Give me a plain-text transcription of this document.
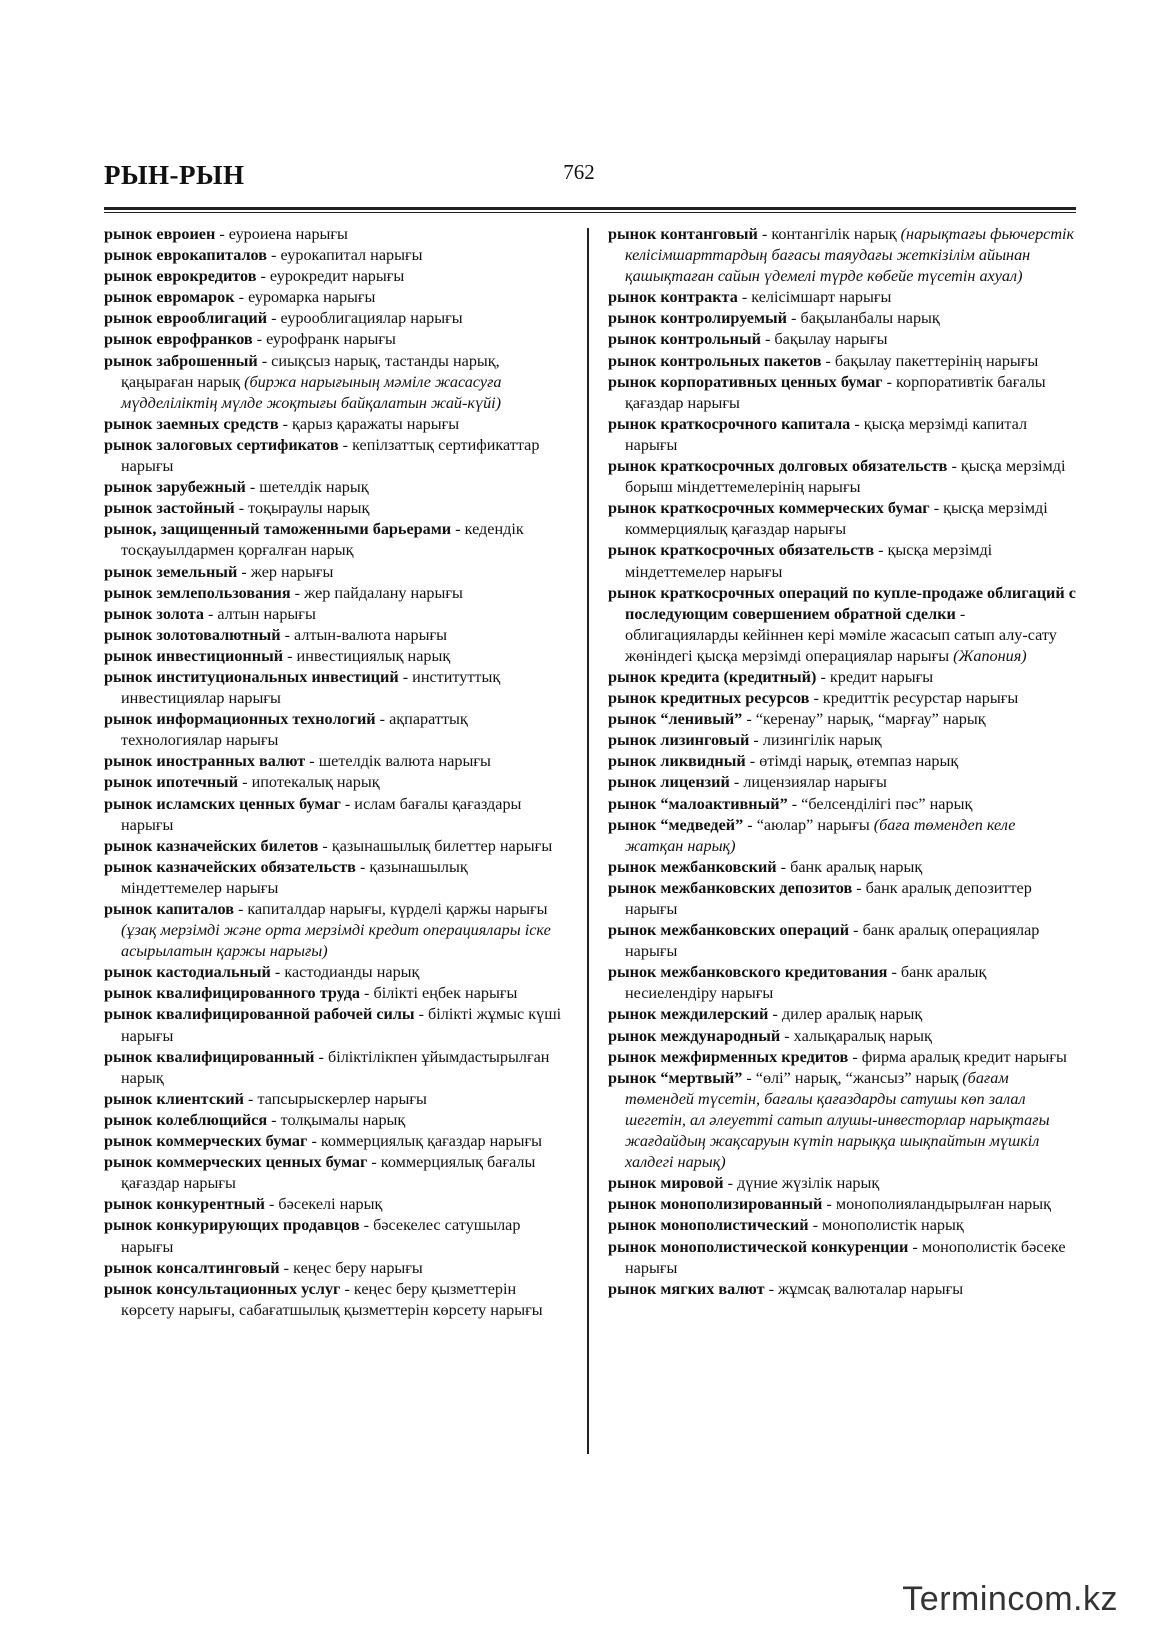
РЫН-РЫН	762

рынок евроиен - еуроиена нарығы

рынок еврокапиталов - еурокапитал нарығы

рынок еврокредитов - еурокредит нарығы

рынок евромарок - еуромарка нарығы

рынок еврооблигаций - еурооблигациялар нарығы

рынок еврофранков - еурофранк нарығы

рынок заброшенный - сиықсыз нарық, тастанды нарық, қаңыраған нарық (биржа нарығының мәміле жасасуға мүдделіліктің мүлде жоқтығы байқалатын жай-күйі)

рынок заемных средств - қарыз қаражаты нарығы

рынок залоговых сертификатов - кепілзаттық сертификаттар нарығы

рынок зарубежный - шетелдік нарық

рынок застойный - тоқыраулы нарық

рынок, защищенный таможенными барьерами - кедендік тосқауылдармен қорғалған нарық

рынок земельный - жер нарығы

рынок землепользования - жер пайдалану нарығы

рынок золота - алтын нарығы

рынок золотовалютный - алтын-валюта нарығы

рынок инвестиционный - инвестициялық нарық

рынок институциональных инвестиций - институттық инвестициялар нарығы

рынок информационных технологий - ақпараттық технологиялар нарығы

рынок иностранных валют - шетелдік валюта нарығы

рынок ипотечный - ипотекалық нарық

рынок исламских ценных бумаг - ислам бағалы қағаздары нарығы

рынок казначейских билетов - қазынашылық билеттер нарығы

рынок казначейских обязательств - қазынашылық міндеттемелер нарығы

рынок капиталов - капиталдар нарығы, күрделі қаржы нарығы (ұзақ мерзімді және орта мерзімді кредит операциялары іске асырылатын қаржы нарығы)

рынок кастодиальный - кастодианды нарық

рынок квалифицированного труда - білікті еңбек нарығы

рынок квалифицированной рабочей силы - білікті жұмыс күші нарығы

рынок квалифицированный - біліктілікпен ұйымдастырылған нарық

рынок клиентский - тапсырыскерлер нарығы

рынок колеблющийся - толқымалы нарық

рынок коммерческих бумаг - коммерциялық қағаздар нарығы

рынок коммерческих ценных бумаг - коммерциялық бағалы қағаздар нарығы

рынок конкурентный - бәсекелі нарық

рынок конкурирующих продавцов - бәсекелес сатушылар нарығы

рынок консалтинговый - кеңес беру нарығы

рынок консультационных услуг - кеңес беру қызметтерін көрсету нарығы, сабағатшылық қызметтерін көрсету нарығы

рынок контанговый - контангілік нарық (нарықтағы фьючерстік келісімшарттардың бағасы таяудағы жеткізілім айынан қашықтаған сайын үдемелі түрде көбейе түсетін ахуал)

рынок контракта - келісімшарт нарығы

рынок контролируемый - бақыланбалы нарық

рынок контрольный - бақылау нарығы

рынок контрольных пакетов - бақылау пакеттерінің нарығы

рынок корпоративных ценных бумаг - корпоративтік бағалы қағаздар нарығы

рынок краткосрочного капитала - қысқа мерзімді капитал нарығы

рынок краткосрочных долговых обязательств - қысқа мерзімді борыш міндеттемелерінің нарығы

рынок краткосрочных коммерческих бумаг - қысқа мерзімді коммерциялық қағаздар нарығы

рынок краткосрочных обязательств - қысқа мерзімді міндеттемелер нарығы

рынок краткосрочных операций по купле-продаже облигаций с последующим совершением обратной сделки - облигацияларды кейіннен кері мәміле жасасып сатып алу-сату жөніндегі қысқа мерзімді операциялар нарығы (Жапония)

рынок кредита (кредитный) - кредит нарығы

рынок кредитных ресурсов - кредиттік ресурстар нарығы

рынок “ленивый” - “керенау” нарық, “марғау” нарық

рынок лизинговый - лизингілік нарық

рынок ликвидный - өтімді нарық, өтемпаз нарық

рынок лицензий - лицензиялар нарығы

рынок “малоактивный” - “белсенділігі пәс” нарық

рынок “медведей” - “аюлар” нарығы (баға төмендеп келе жатқан нарық)

рынок межбанковский - банк аралық нарық

рынок межбанковских депозитов - банк аралық депозиттер нарығы

рынок межбанковских операций - банк аралық операциялар нарығы

рынок межбанковского кредитования - банк аралық несиелендіру нарығы

рынок междилерский - дилер аралық нарық

рынок международный - халықаралық нарық

рынок межфирменных кредитов - фирма аралық кредит нарығы

рынок “мертвый” - “өлі” нарық, “жансыз” нарық (бағам төмендей түсетін, бағалы қағаздарды сатушы көп залал шегетін, ал әлеуетті сатып алушы-инвесторлар нарықтағы жағдайдың жақсаруын күтіп нарыққа шықпайтын мүшкіл халдегі нарық)

рынок мировой - дүние жүзілік нарық

рынок монополизированный - монополияландырылған нарық

рынок монополистический - монополистік нарық

рынок монополистической конкуренции - монополистік бәсеке нарығы

рынок мягких валют - жұмсақ валюталар нарығы

Termincom.kz
